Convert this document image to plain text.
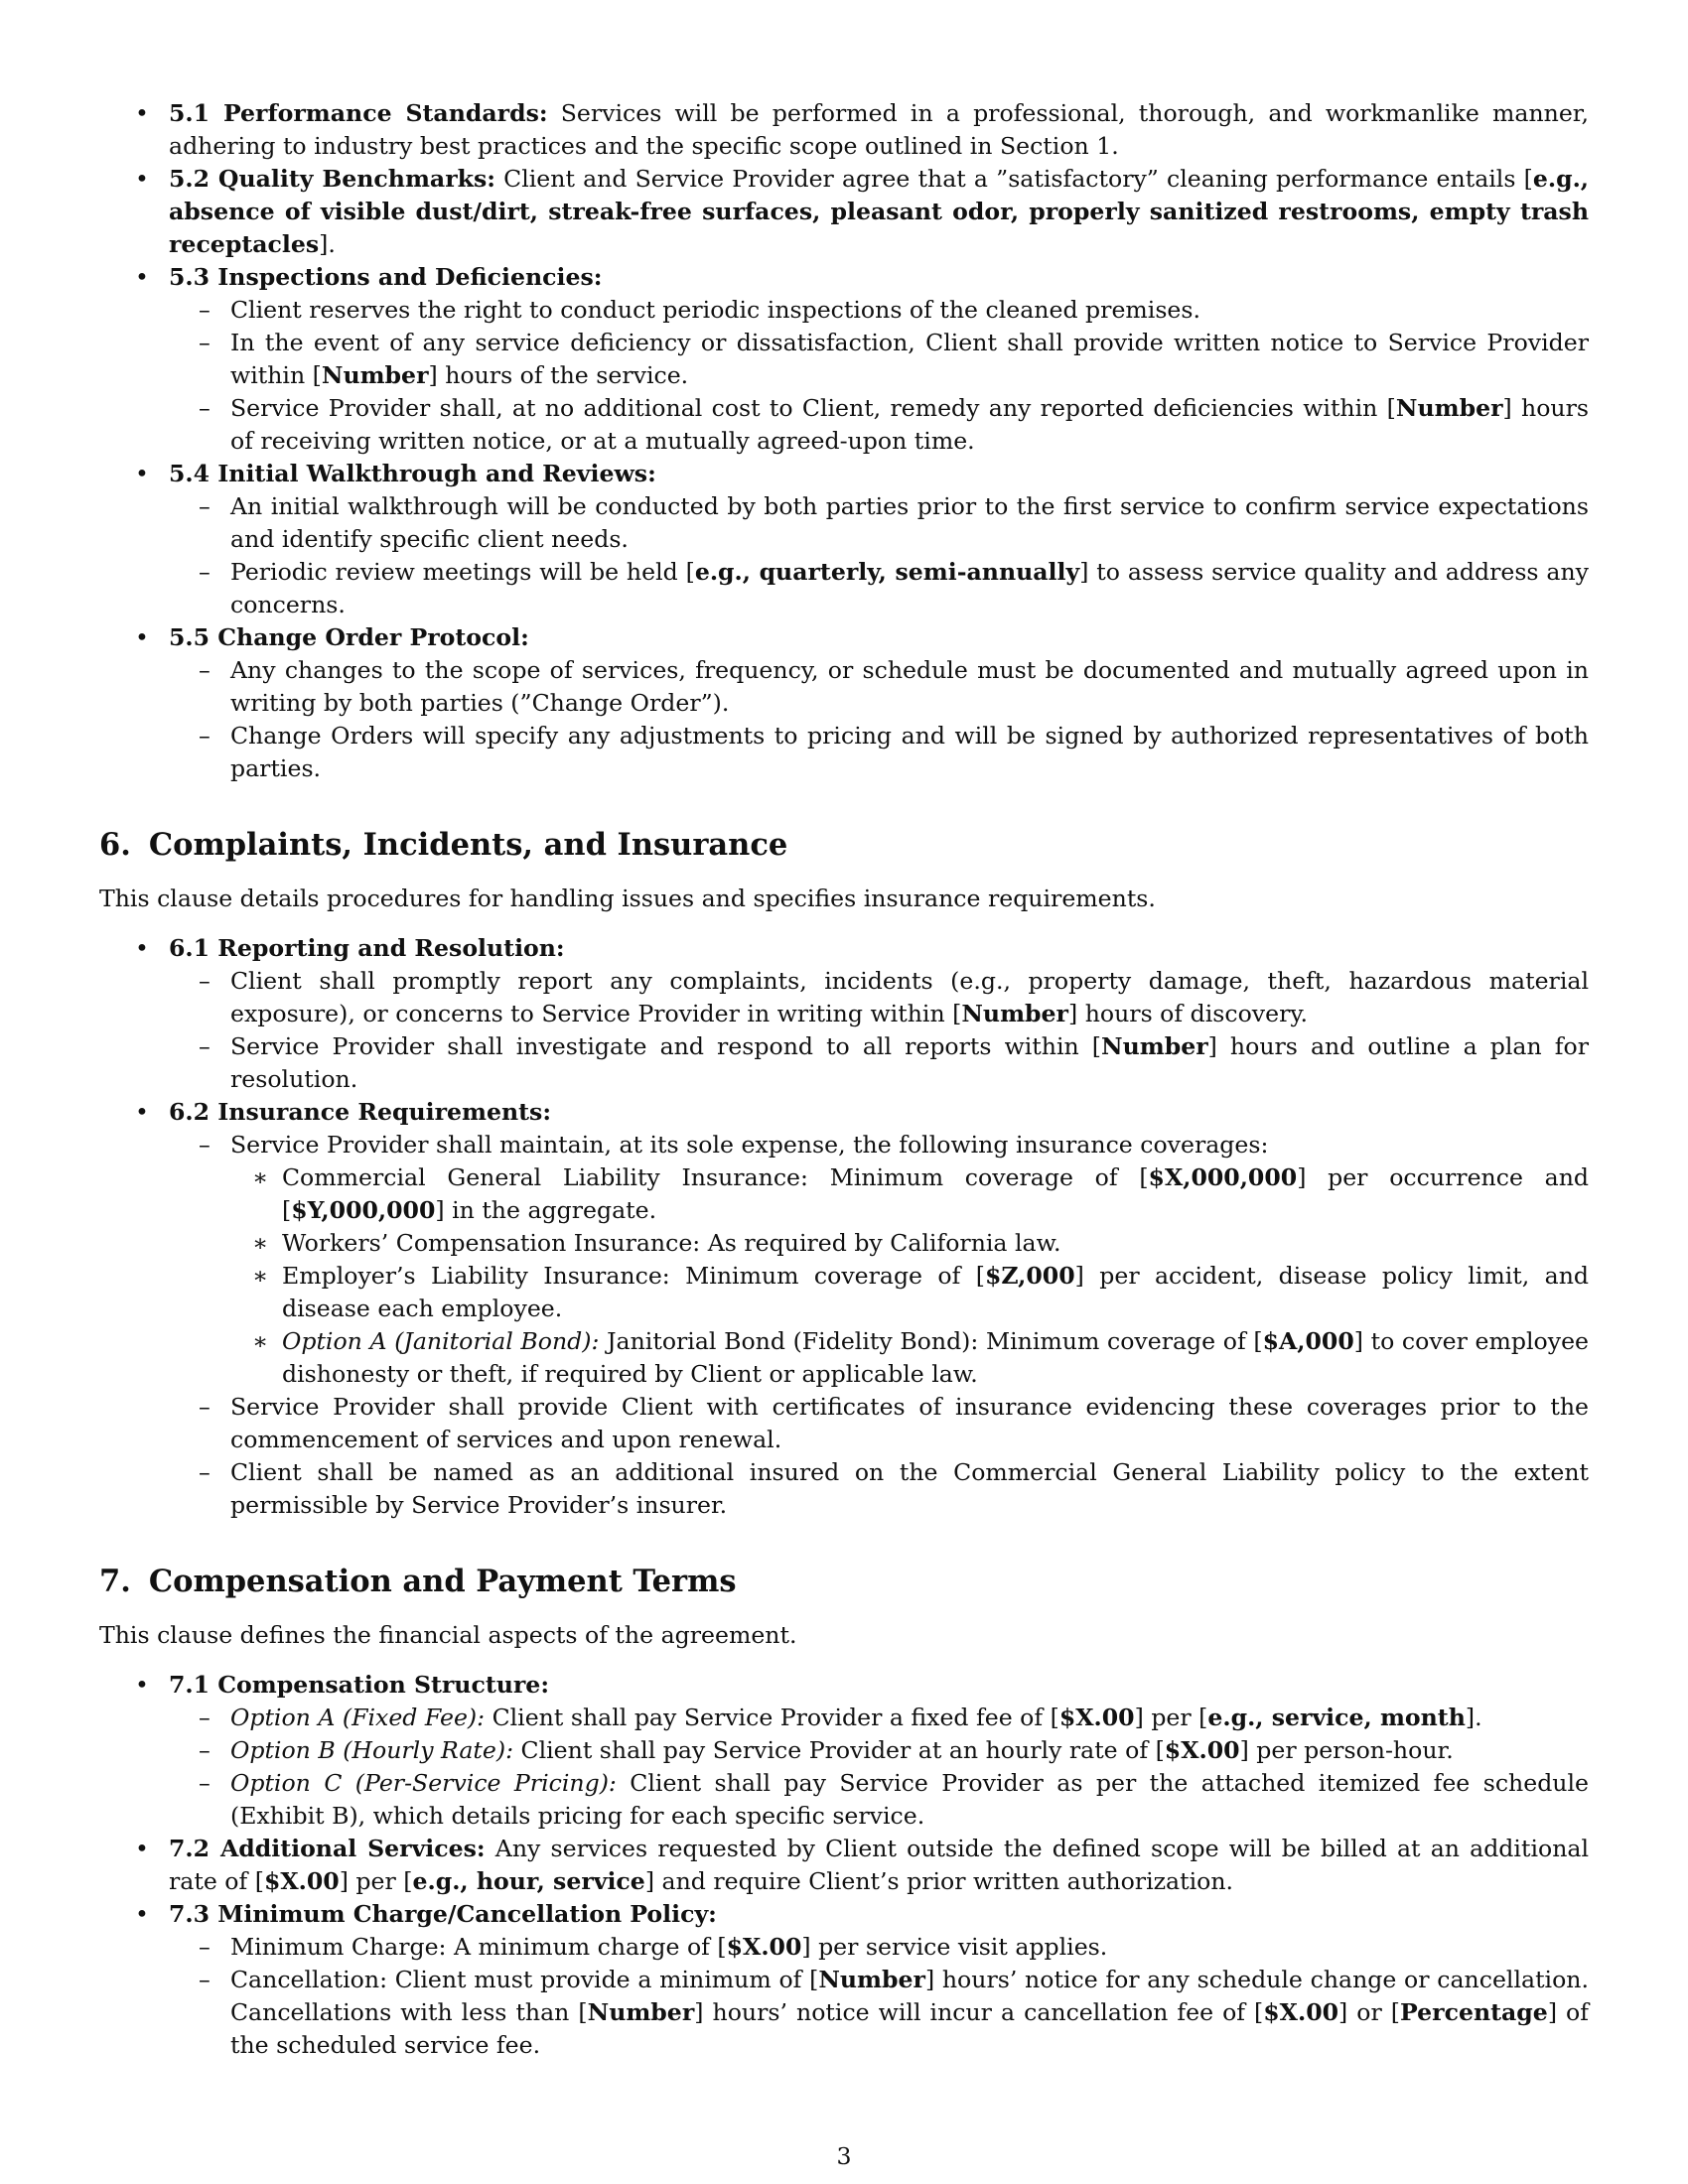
• 5.1 Performance Standards: Services will be performed in a professional, thorough, and workmanlike manner, adhering to industry best practices and the specific scope outlined in Section 1.
• 5.2 Quality Benchmarks: Client and Service Provider agree that a ”satisfactory” cleaning performance entails [e.g., absence of visible dust/dirt, streak-free surfaces, pleasant odor, properly sanitized restrooms, empty trash receptacles].
• 5.3 Inspections and Deficiencies:
– Client reserves the right to conduct periodic inspections of the cleaned premises.
– In the event of any service deficiency or dissatisfaction, Client shall provide written notice to Service Provider within [Number] hours of the service.
– Service Provider shall, at no additional cost to Client, remedy any reported deficiencies within [Number] hours of receiving written notice, or at a mutually agreed-upon time.
• 5.4 Initial Walkthrough and Reviews:
– An initial walkthrough will be conducted by both parties prior to the first service to confirm service expectations and identify specific client needs.
– Periodic review meetings will be held [e.g., quarterly, semi-annually] to assess service quality and address any concerns.
• 5.5 Change Order Protocol:
– Any changes to the scope of services, frequency, or schedule must be documented and mutually agreed upon in writing by both parties (”Change Order”).
– Change Orders will specify any adjustments to pricing and will be signed by authorized representatives of both parties.
6. Complaints, Incidents, and Insurance

This clause details procedures for handling issues and specifies insurance requirements.

• 6.1 Reporting and Resolution:
– Client shall promptly report any complaints, incidents (e.g., property damage, theft, hazardous material exposure), or concerns to Service Provider in writing within [Number] hours of discovery.
– Service Provider shall investigate and respond to all reports within [Number] hours and outline a plan for resolution.
• 6.2 Insurance Requirements:
– Service Provider shall maintain, at its sole expense, the following insurance coverages:
∗ Commercial General Liability Insurance: Minimum coverage of [$X,000,000] per occurrence and [$Y,000,000] in the aggregate.
∗ Workers’ Compensation Insurance: As required by California law.
∗ Employer’s Liability Insurance: Minimum coverage of [$Z,000] per accident, disease policy limit, and disease each employee.
∗ Option A (Janitorial Bond): Janitorial Bond (Fidelity Bond): Minimum coverage of [$A,000] to cover employee dishonesty or theft, if required by Client or applicable law.
– Service Provider shall provide Client with certificates of insurance evidencing these coverages prior to the commencement of services and upon renewal.
– Client shall be named as an additional insured on the Commercial General Liability policy to the extent permissible by Service Provider’s insurer.
7. Compensation and Payment Terms

This clause defines the financial aspects of the agreement.

• 7.1 Compensation Structure:
– Option A (Fixed Fee): Client shall pay Service Provider a fixed fee of [$X.00] per [e.g., service, month].
– Option B (Hourly Rate): Client shall pay Service Provider at an hourly rate of [$X.00] per person-hour.
– Option C (Per-Service Pricing): Client shall pay Service Provider as per the attached itemized fee schedule (Exhibit B), which details pricing for each specific service.
• 7.2 Additional Services: Any services requested by Client outside the defined scope will be billed at an additional rate of [$X.00] per [e.g., hour, service] and require Client’s prior written authorization.
• 7.3 Minimum Charge/Cancellation Policy:
– Minimum Charge: A minimum charge of [$X.00] per service visit applies.
– Cancellation: Client must provide a minimum of [Number] hours’ notice for any schedule change or cancellation. Cancellations with less than [Number] hours’ notice will incur a cancellation fee of [$X.00] or [Percentage] of the scheduled service fee.
3
